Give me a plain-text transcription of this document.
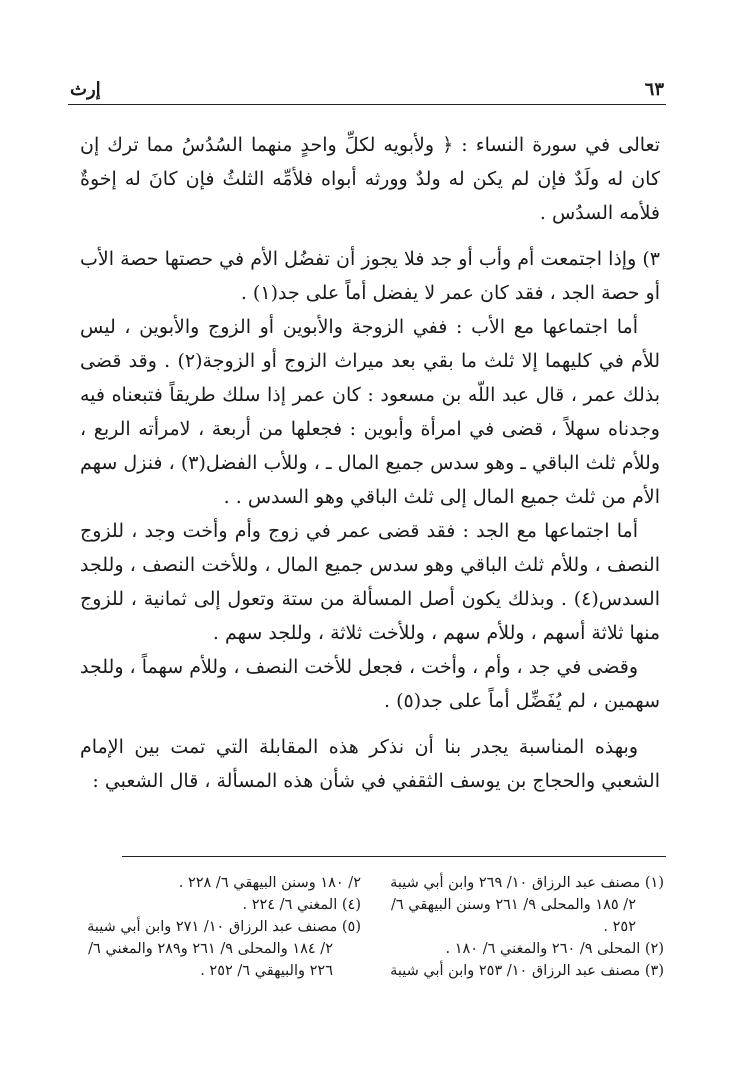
٦٣
إرث

تعالى في سورة النساء : ﴿ ولأبويه لكلِّ واحدٍ منهما السُدُسُ مما ترك إن كان له ولَدٌ فإن لم يكن له ولدٌ وورثه أبواه فلأمِّه الثلثُ فإن كانَ له إخوةٌ فلأمه السدُس .

٣) وإذا اجتمعت أم وأب أو جد فلا يجوز أن تفضُل الأم في حصتها حصة الأب أو حصة الجد ، فقد كان عمر لا يفضل أماً على جد(١) .

أما اجتماعها مع الأب : ففي الزوجة والأبوين أو الزوج والأبوين ، ليس للأم في كليهما إلا ثلث ما بقي بعد ميراث الزوج أو الزوجة(٢) . وقد قضى بذلك عمر ، قال عبد اللّه بن مسعود : كان عمر إذا سلك طريقاً فتبعناه فيه وجدناه سهلاً ، قضى في امرأة وأبوين : فجعلها من أربعة ، لامرأته الربع ، وللأم ثلث الباقي ـ وهو سدس جميع المال ـ ، وللأب الفضل(٣) ، فنزل سهم الأم من ثلث جميع المال إلى ثلث الباقي وهو السدس . .

أما اجتماعها مع الجد : فقد قضى عمر في زوج وأم وأخت وجد ، للزوج النصف ، وللأم ثلث الباقي وهو سدس جميع المال ، وللأخت النصف ، وللجد السدس(٤) . وبذلك يكون أصل المسألة من ستة وتعول إلى ثمانية ، للزوج منها ثلاثة أسهم ، وللأم سهم ، وللأخت ثلاثة ، وللجد سهم .

وقضى في جد ، وأم ، وأخت ، فجعل للأخت النصف ، وللأم سهماً ، وللجد سهمين ، لم يُفَضِّل أماً على جد(٥) .

وبهذه المناسبة يجدر بنا أن نذكر هذه المقابلة التي تمت بين الإمام الشعبي والحجاج بن يوسف الثقفي في شأن هذه المسألة ، قال الشعبي :

(١) مصنف عبد الرزاق ١٠/ ٢٦٩ وابن أبي شيبة
٢/ ١٨٥ والمحلى ٩/ ٢٦١ وسنن البيهقي ٦/ ٢٥٢ .

(٢) المحلى ٩/ ٢٦٠ والمغني ٦/ ١٨٠ .

(٣) مصنف عبد الرزاق ١٠/ ٢٥٣ وابن أبي شيبة

٢/ ١٨٠ وسنن البيهقي ٦/ ٢٢٨ .

(٤) المغني ٦/ ٢٢٤ .

(٥) مصنف عبد الرزاق ١٠/ ٢٧١ وابن أبي شيبة
٢/ ١٨٤ والمحلى ٩/ ٢٦١ و٢٨٩ والمغني ٦/ ٢٢٦ والبيهقي ٦/ ٢٥٢ .
